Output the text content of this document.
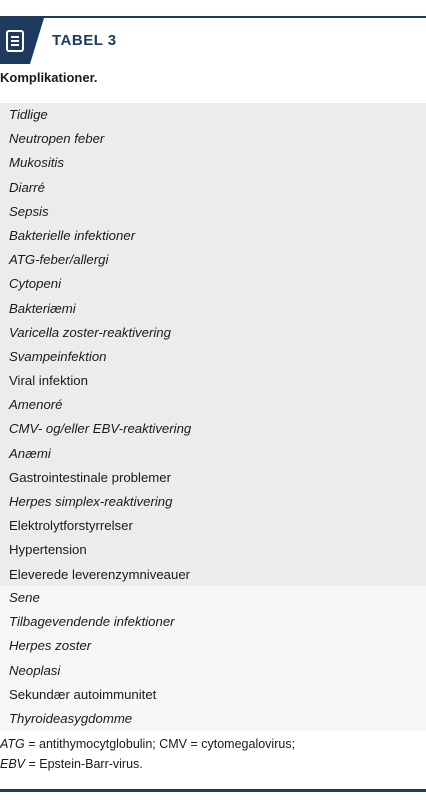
TABEL 3
Komplikationer.
Tidlige
Neutropen feber
Mukositis
Diarré
Sepsis
Bakterielle infektioner
ATG-feber/allergi
Cytopeni
Bakteriæmi
Varicella zoster-reaktivering
Svampeinfektion
Viral infektion
Amenoré
CMV- og/eller EBV-reaktivering
Anæmi
Gastrointestinale problemer
Herpes simplex-reaktivering
Elektrolytforstyrrelser
Hypertension
Eleverede leverenzymniveauer
Sene
Tilbagevendende infektioner
Herpes zoster
Neoplasi
Sekundær autoimmunitet
Thyroideasygdomme
ATG = antithymocytglobulin; CMV = cytomegalovirus;
EBV = Epstein-Barr-virus.
